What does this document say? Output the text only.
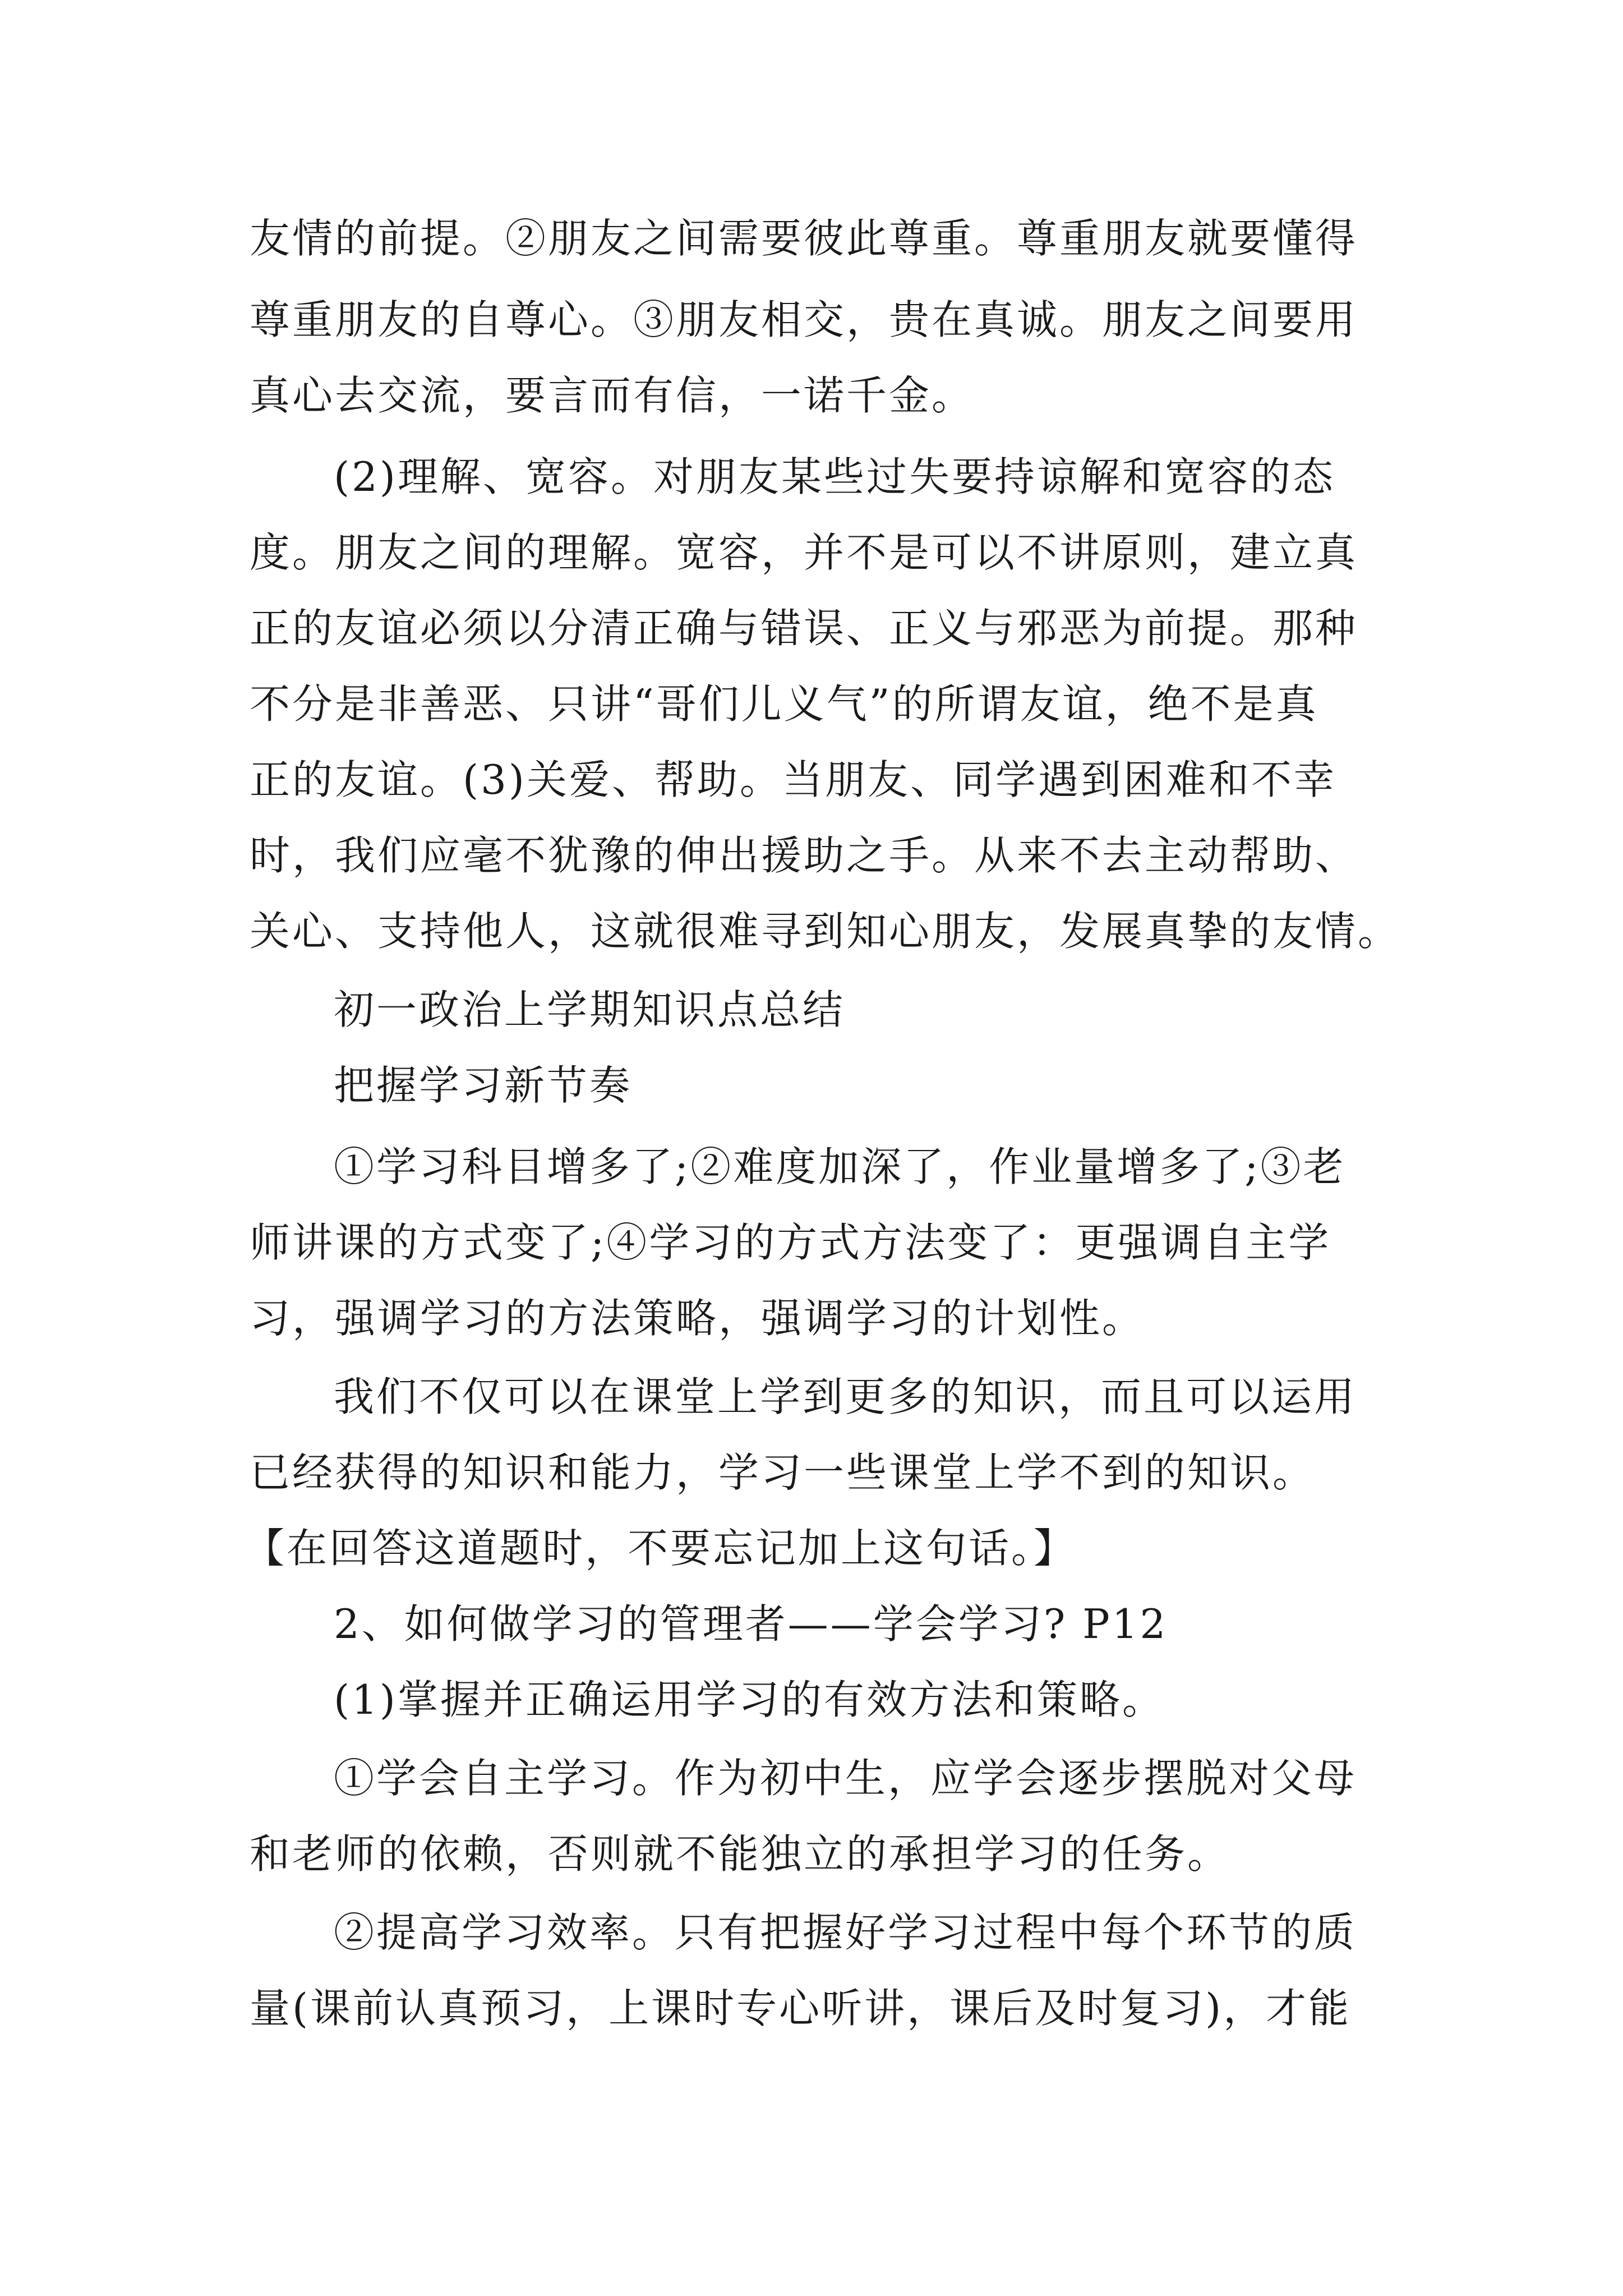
友情的前提。②朋友之间需要彼此尊重。尊重朋友就要懂得
尊重朋友的自尊心。③朋友相交，贵在真诚。朋友之间要用
真心去交流，要言而有信，一诺千金。
(2)理解、宽容。对朋友某些过失要持谅解和宽容的态
度。朋友之间的理解。宽容，并不是可以不讲原则，建立真
正的友谊必须以分清正确与错误、正义与邪恶为前提。那种
不分是非善恶、只讲“哥们儿义气”的所谓友谊，绝不是真
正的友谊。(3)关爱、帮助。当朋友、同学遇到困难和不幸
时，我们应毫不犹豫的伸出援助之手。从来不去主动帮助、
关心、支持他人，这就很难寻到知心朋友，发展真挚的友情。
初一政治上学期知识点总结
把握学习新节奏
①学习科目增多了;②难度加深了，作业量增多了;③老
师讲课的方式变了;④学习的方式方法变了：更强调自主学
习，强调学习的方法策略，强调学习的计划性。
我们不仅可以在课堂上学到更多的知识，而且可以运用
已经获得的知识和能力，学习一些课堂上学不到的知识。
【在回答这道题时，不要忘记加上这句话。】
2、如何做学习的管理者——学会学习? P12
(1)掌握并正确运用学习的有效方法和策略。
①学会自主学习。作为初中生，应学会逐步摆脱对父母
和老师的依赖，否则就不能独立的承担学习的任务。
②提高学习效率。只有把握好学习过程中每个环节的质
量(课前认真预习，上课时专心听讲，课后及时复习)，才能
